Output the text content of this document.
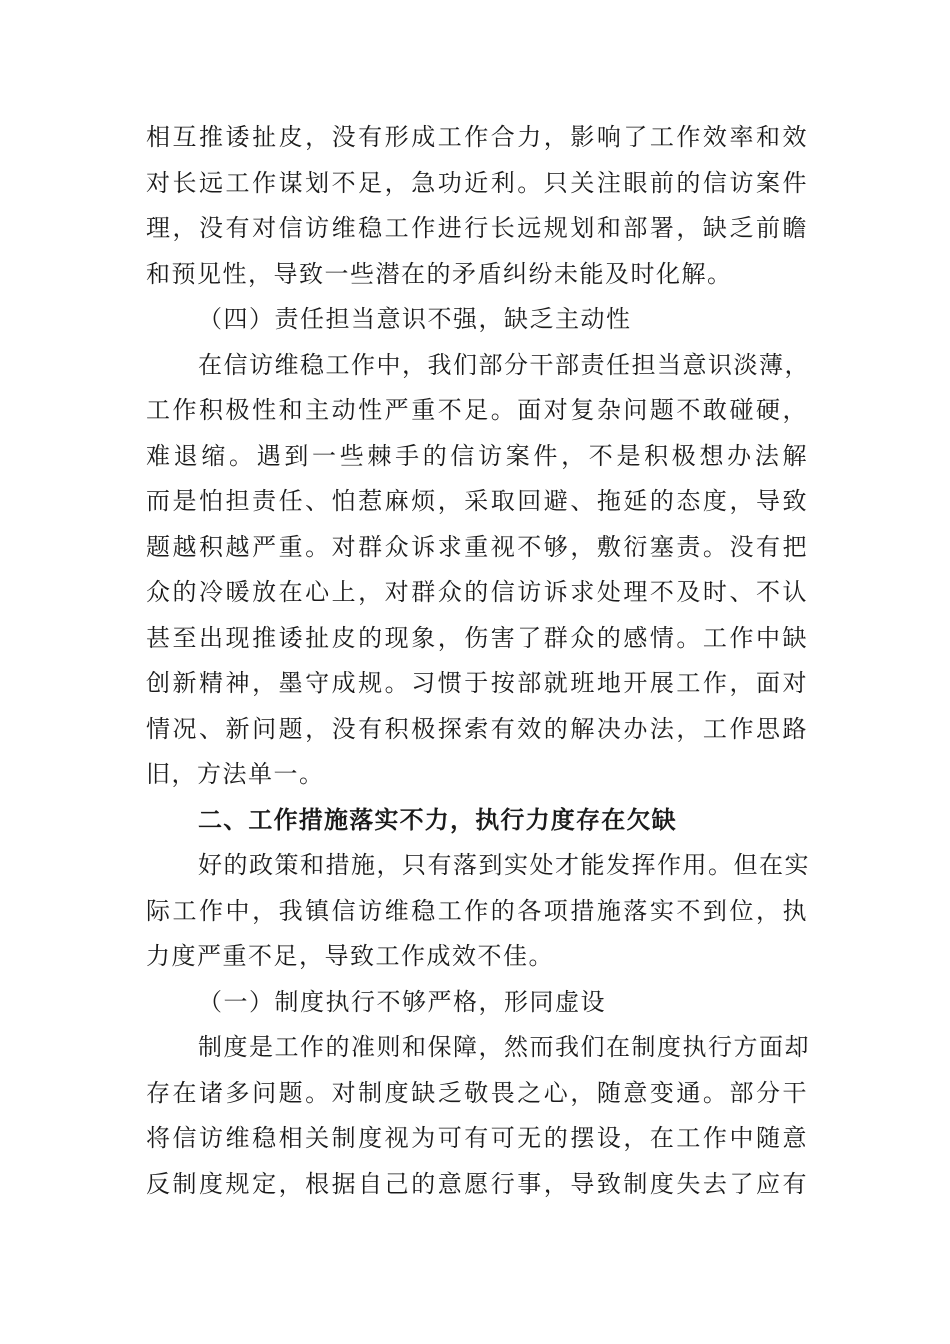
相互推诿扯皮，没有形成工作合力，影响了工作效率和效
对长远工作谋划不足，急功近利。只关注眼前的信访案件
理，没有对信访维稳工作进行长远规划和部署，缺乏前瞻
和预见性，导致一些潜在的矛盾纠纷未能及时化解。
（四）责任担当意识不强，缺乏主动性
在信访维稳工作中，我们部分干部责任担当意识淡薄，
工作积极性和主动性严重不足。面对复杂问题不敢碰硬，
难退缩。遇到一些棘手的信访案件，不是积极想办法解
而是怕担责任、怕惹麻烦，采取回避、拖延的态度，导致
题越积越严重。对群众诉求重视不够，敷衍塞责。没有把
众的冷暖放在心上，对群众的信访诉求处理不及时、不认
甚至出现推诿扯皮的现象，伤害了群众的感情。工作中缺
创新精神，墨守成规。习惯于按部就班地开展工作，面对
情况、新问题，没有积极探索有效的解决办法，工作思路
旧，方法单一。
二、工作措施落实不力，执行力度存在欠缺
好的政策和措施，只有落到实处才能发挥作用。但在实
际工作中，我镇信访维稳工作的各项措施落实不到位，执
力度严重不足，导致工作成效不佳。
（一）制度执行不够严格，形同虚设
制度是工作的准则和保障，然而我们在制度执行方面却
存在诸多问题。对制度缺乏敬畏之心，随意变通。部分干
将信访维稳相关制度视为可有可无的摆设，在工作中随意
反制度规定，根据自己的意愿行事，导致制度失去了应有
